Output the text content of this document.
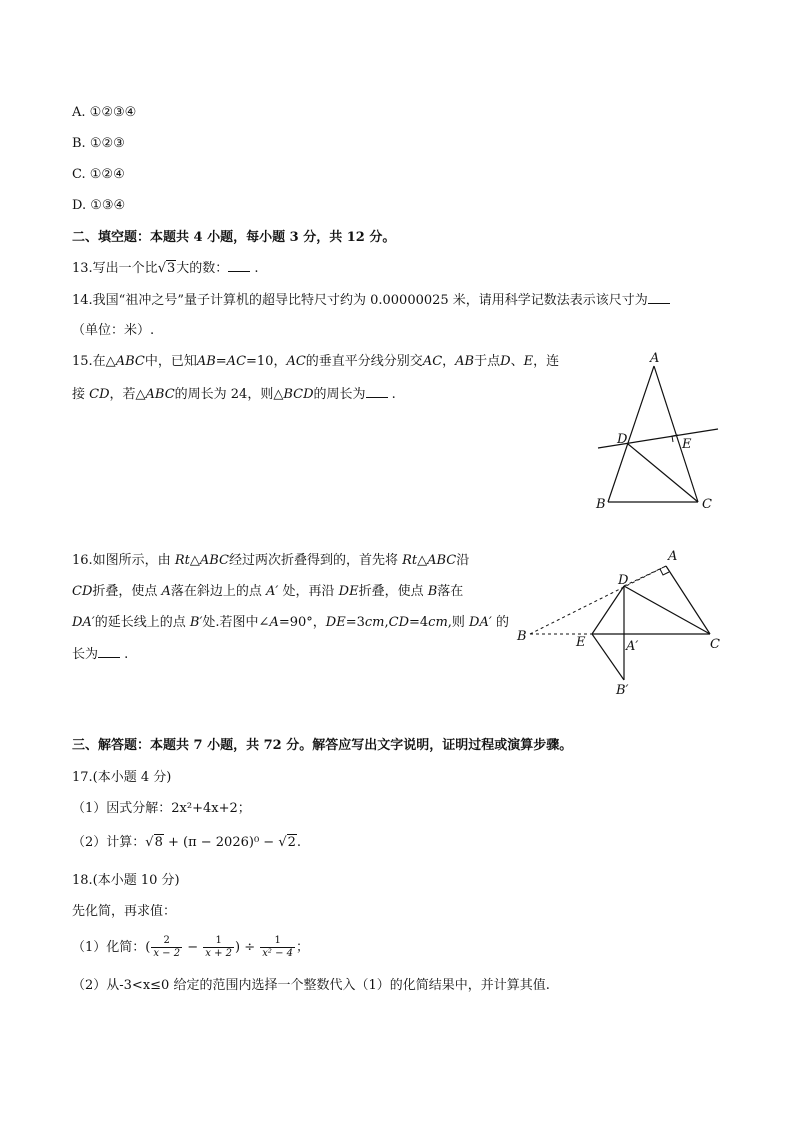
A. ①②③④
B. ①②③
C. ①②④
D. ①③④
二、填空题：本题共 4 小题，每小题 3 分，共 12 分。
13.写出一个比√3大的数： .
14.我国“祖冲之号”量子计算机的超导比特尺寸约为 0.00000025 米，请用科学记数法表示该尺寸为
（单位：米）.
15.在△ABC中，已知AB=AC=10，AC的垂直平分线分别交AC，AB于点D、E，连
接 CD，若△ABC的周长为 24，则△BCD的周长为 .
A
B	C
D	E
16.如图所示，由 Rt△ABC经过两次折叠得到的，首先将 Rt△ABC沿
CD折叠，使点 A落在斜边上的点 A′ 处，再沿 DE折叠，使点 B落在
DA′的延长线上的点 B′处.若图中∠A=90°，DE=3cm,CD=4cm,则 DA′ 的
长为 .
A
B
C
D
E	A′
B′
三、解答题：本题共 7 小题，共 72 分。解答应写出文字说明，证明过程或演算步骤。
17.(本小题 4 分)
（1）因式分解：2x²+4x+2；
（2）计算：√8 + (π − 2026)⁰ − √2.
18.(本小题 10 分)
先化简，再求值：
（1）化简：( $\frac{2}{x - 2} - \frac{1}{x + 2}$ ) ÷ $\frac{1}{\text{x² − 4}}$ ；
（2）从-3<x≤0 给定的范围内选择一个整数代入（1）的化简结果中，并计算其值.
